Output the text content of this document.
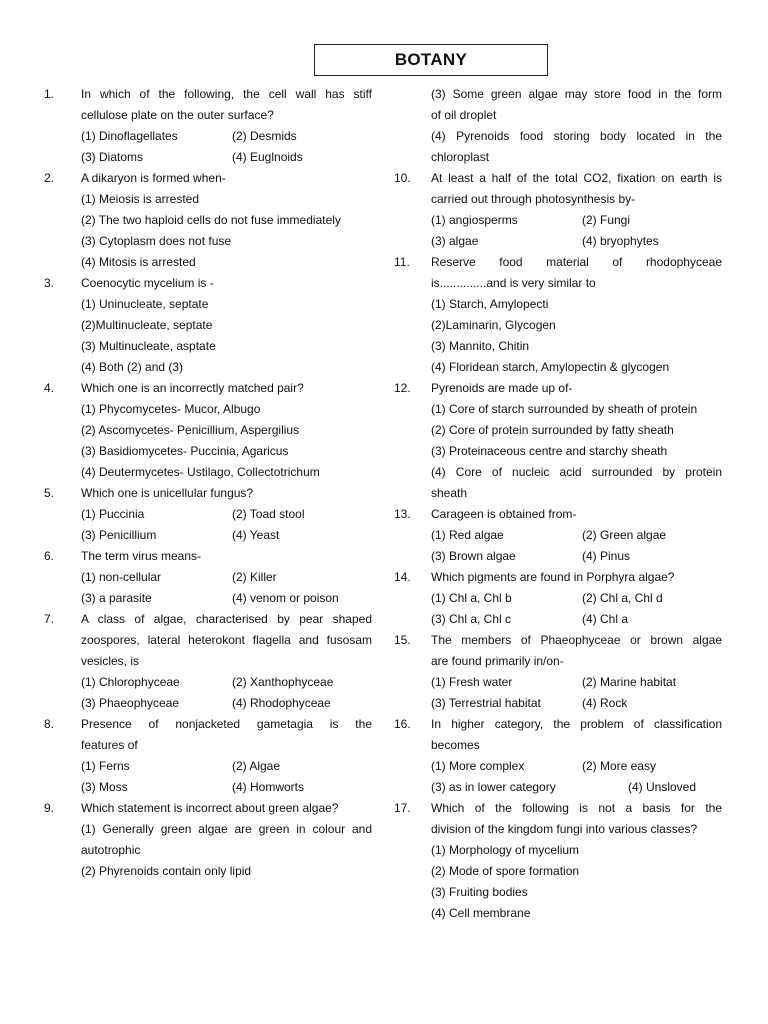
BOTANY
1. In which of the following, the cell wall has stiff
cellulose plate on the outer surface?
(1) Dinoflagellates	(2) Desmids
(3) Diatoms	(4) Euglnoids
2. A dikaryon is formed when-
(1) Meiosis is arrested
(2) The two haploid cells do not fuse immediately
(3) Cytoplasm does not fuse
(4) Mitosis is arrested
3. Coenocytic mycelium is -
(1) Uninucleate, septate
(2)Multinucleate, septate
(3) Multinucleate, asptate
(4) Both (2) and (3)
4. Which one is an incorrectly matched pair?
(1) Phycomycetes- Mucor, Albugo
(2) Ascomycetes- Penicillium, Aspergilius
(3) Basidiomycetes- Puccinia, Agaricus
(4) Deutermycetes- Ustilago, Collectotrichum
5. Which one is unicellular fungus?
(1) Puccinia	(2) Toad stool
(3) Penicillium	(4) Yeast
6. The term virus means-
(1) non-cellular	(2) Killer
(3) a parasite	(4) venom or poison
7. A class of algae, characterised by pear shaped
zoospores, lateral heterokont flagella and fusosam
vesicles, is
(1) Chlorophyceae	(2) Xanthophyceae
(3) Phaeophyceae	(4) Rhodophyceae
8. Presence of nonjacketed gametagia is the
features of
(1) Ferns	(2) Algae
(3) Moss	(4) Homworts
9. Which statement is incorrect about green algae?
(1) Generally green algae are green in colour and
autotrophic
(2) Phyrenoids contain only lipid
(3) Some green algae may store food in the form
of oil droplet
(4) Pyrenoids food storing body located in the
chloroplast
10. At least a half of the total CO2, fixation on earth is
carried out through photosynthesis by-
(1) angiosperms	(2) Fungi
(3) algae	(4) bryophytes
11. Reserve food material of rhodophyceae
is..............and is very similar to
(1) Starch, Amylopecti
(2)Laminarin, Glycogen
(3) Mannito, Chitin
(4) Floridean starch, Amylopectin & glycogen
12. Pyrenoids are made up of-
(1) Core of starch surrounded by sheath of protein
(2) Core of protein surrounded by fatty sheath
(3) Proteinaceous centre and starchy sheath
(4) Core of nucleic acid surrounded by protein
sheath
13. Carageen is obtained from-
(1) Red algae	(2) Green algae
(3) Brown algae	(4) Pinus
14. Which pigments are found in Porphyra algae?
(1) Chl a, Chl b	(2) Chl a, Chl d
(3) Chl a, Chl c	(4) Chl a
15. The members of Phaeophyceae or brown algae
are found primarily in/on-
(1) Fresh water	(2) Marine habitat
(3) Terrestrial habitat	(4) Rock
16. In higher category, the problem of classification
becomes
(1) More complex	(2) More easy
(3) as in lower category	(4) Unsloved
17. Which of the following is not a basis for the
division of the kingdom fungi into various classes?
(1) Morphology of mycelium
(2) Mode of spore formation
(3) Fruiting bodies
(4) Cell membrane
